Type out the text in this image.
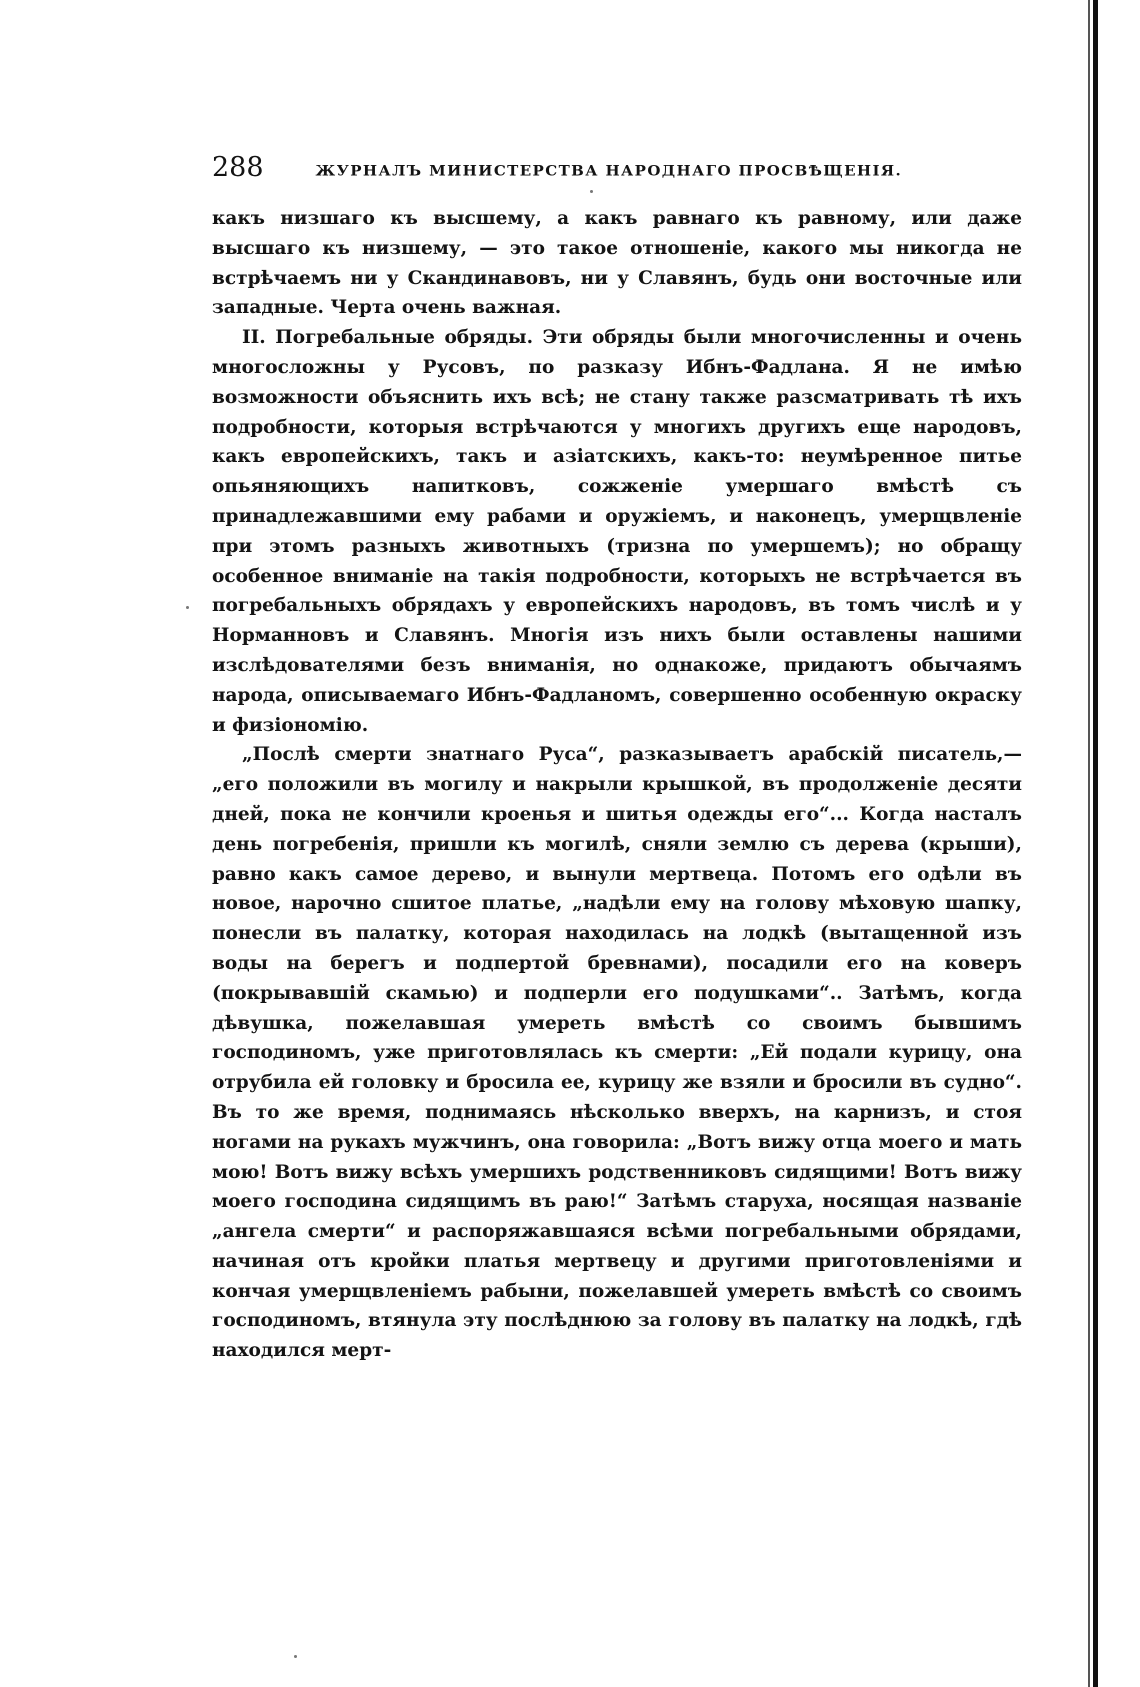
288	ЖУРНАЛЪ МИНИСТЕРСТВА НАРОДНАГО ПРОСВѢЩЕНІЯ.

какъ низшаго къ высшему, а какъ равнаго къ равному, или даже высшаго къ низшему, — это такое отношеніе, какого мы никогда не встрѣчаемъ ни у Скандинавовъ, ни у Славянъ, будь они восточные или западные. Черта очень важная.

II. Погребальные обряды. Эти обряды были многочисленны и очень многосложны у Русовъ, по разказу Ибнъ-Фадлана. Я не имѣю возможности объяснить ихъ всѣ; не стану также разсматривать тѣ ихъ подробности, которыя встрѣчаются у многихъ другихъ еще народовъ, какъ европейскихъ, такъ и азіатскихъ, какъ-то: неумѣренное питье опьяняющихъ напитковъ, сожженіе умершаго вмѣстѣ съ принадлежавшими ему рабами и оружіемъ, и наконецъ, умерщвленіе при этомъ разныхъ животныхъ (тризна по умершемъ); но обращу особенное вниманіе на такія подробности, которыхъ не встрѣчается въ погребальныхъ обрядахъ у европейскихъ народовъ, въ томъ числѣ и у Норманновъ и Славянъ. Многія изъ нихъ были оставлены нашими изслѣдователями безъ вниманія, но однакоже, придаютъ обычаямъ народа, описываемаго Ибнъ-Фадланомъ, совершенно особенную окраску и физіономію.

„Послѣ смерти знатнаго Руса“, разказываетъ арабскій писатель,— „его положили въ могилу и накрыли крышкой, въ продолженіе десяти дней, пока не кончили кроенья и шитья одежды его“... Когда насталъ день погребенія, пришли къ могилѣ, сняли землю съ дерева (крыши), равно какъ самое дерево, и вынули мертвеца. Потомъ его одѣли въ новое, нарочно сшитое платье, „надѣли ему на голову мѣховую шапку, понесли въ палатку, которая находилась на лодкѣ (вытащенной изъ воды на берегъ и подпертой бревнами), посадили его на коверъ (покрывавшій скамью) и подперли его подушками“.. Затѣмъ, когда дѣвушка, пожелавшая умереть вмѣстѣ со своимъ бывшимъ господиномъ, уже приготовлялась къ смерти: „Ей подали курицу, она отрубила ей головку и бросила ее, курицу же взяли и бросили въ судно“. Въ то же время, поднимаясь нѣсколько вверхъ, на карнизъ, и стоя ногами на рукахъ мужчинъ, она говорила: „Вотъ вижу отца моего и мать мою! Вотъ вижу всѣхъ умершихъ родственниковъ сидящими! Вотъ вижу моего господина сидящимъ въ раю!“ Затѣмъ старуха, носящая названіе „ангела смерти“ и распоряжавшаяся всѣми погребальными обрядами, начиная отъ кройки платья мертвецу и другими приготовленіями и кончая умерщвленіемъ рабыни, пожелавшей умереть вмѣстѣ со своимъ господиномъ, втянула эту послѣднюю за голову въ палатку на лодкѣ, гдѣ находился мерт-
